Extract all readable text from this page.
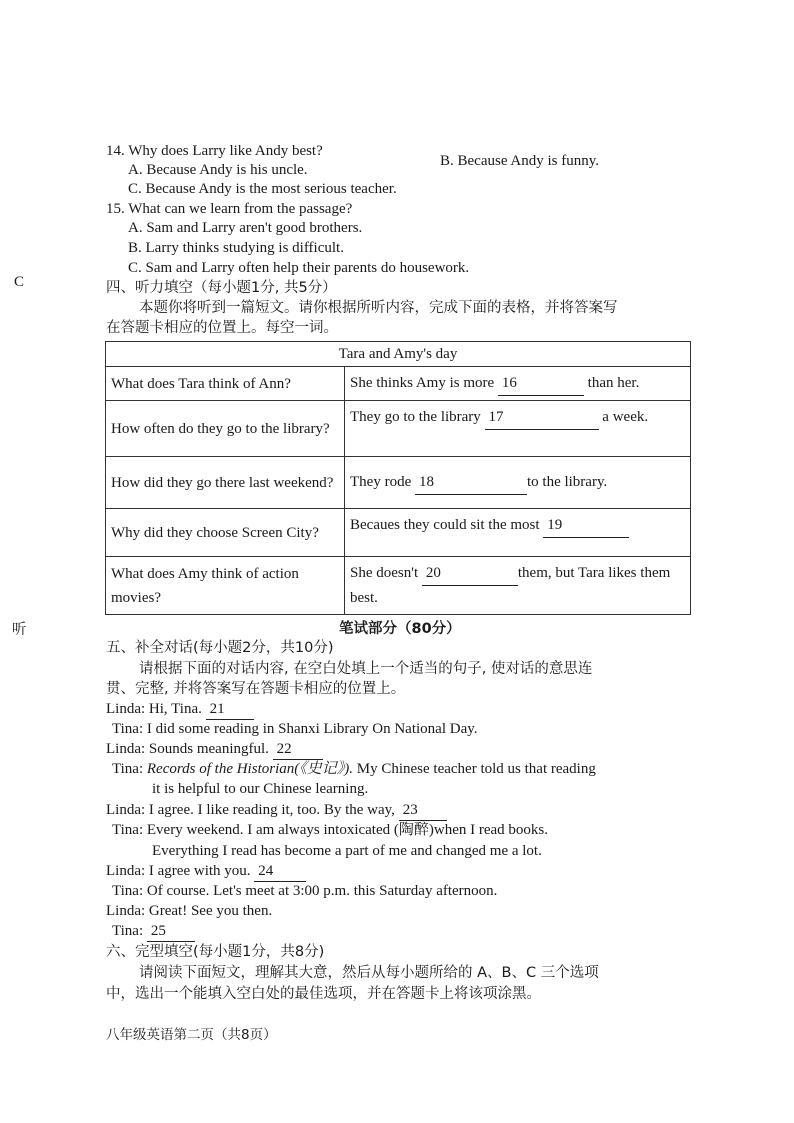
C
听
14. Why does Larry like Andy best?
B. Because Andy is funny.
A. Because Andy is his uncle.
C. Because Andy is the most serious teacher.
15. What can we learn from the passage?
A. Sam and Larry aren't good brothers.
B. Larry thinks studying is difficult.
C. Sam and Larry often help their parents do housework.
四、听力填空（每小题1分, 共5分）
本题你将听到一篇短文。请你根据所听内容，完成下面的表格，并将答案写
在答题卡相应的位置上。每空一词。
Tara and Amy's day	
What does Tara think of Ann?	She thinks Amy is more 16 than her.
How often do they go to the library?	They go to the library 17 a week.
How did they go there last weekend?	They rode 18 to the library.
Why did they choose Screen City?	Becaues they could sit the most 19
What does Amy think of action movies?	She doesn't 20 them, but Tara likes them best.
笔试部分（80分）
五、补全对话(每小题2分，共10分)
请根据下面的对话内容, 在空白处填上一个适当的句子, 使对话的意思连
贯、完整, 并将答案写在答题卡相应的位置上。
Linda: Hi, Tina. 21
Tina: I did some reading in Shanxi Library On National Day.
Linda: Sounds meaningful. 22
Tina: Records of the Historian(《史记》). My Chinese teacher told us that reading
it is helpful to our Chinese learning.
Linda: I agree. I like reading it, too. By the way, 23
Tina: Every weekend. I am always intoxicated (陶醉)when I read books.
Everything I read has become a part of me and changed me a lot.
Linda: I agree with you. 24
Tina: Of course. Let's meet at 3:00 p.m. this Saturday afternoon.
Linda: Great! See you then.
Tina: 25
六、完型填空(每小题1分，共8分)
请阅读下面短文，理解其大意，然后从每小题所给的 A、B、C 三个选项
中，选出一个能填入空白处的最佳选项，并在答题卡上将该项涂黑。
八年级英语第二页（共8页）
